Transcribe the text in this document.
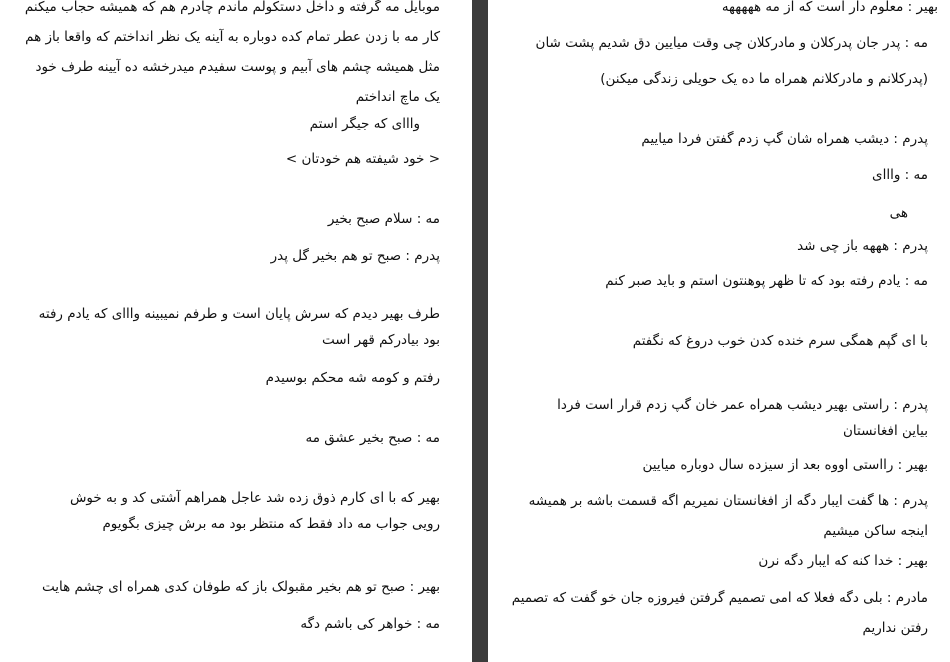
موبایل مه گرفته و داخل دستکولم ماندم چادرم هم که همیشه حجاب میکنم کار مه با زدن عطر تمام کده دوباره به آینه یک نظر انداختم که واقعا باز هم مثل همیشه چشم های آبیم و پوست سفیدم میدرخشه ده آیینه طرف خود یک ماچ انداختم
وااای که جیگر استم
< خود شیفته هم خودتان >
مه : سلام صبح بخیر
پدرم : صبح تو هم بخیر گل پدر
طرف بهیر دیدم که سرش پایان است و طرفم نمیبینه وااای که یادم رفته بود بیادرکم قهر است
رفتم و کومه شه محکم بوسیدم
مه : صبح بخیر عشق مه
بهیر که با ای کارم ذوق زده شد عاجل همراهم آشتی کد و به خوش رویی جواب مه داد فقط که منتظر بود مه برش چیزی بگویوم
بهیر : صبح تو هم بخیر مقبولک باز که طوفان کدی همراه ای چشم هایت
مه : خواهر کی باشم دگه
بهیر : معلوم دار است که از مه هههههه
مه : پدر جان پدرکلان و مادرکلان چی وقت میایین دق شدیم پشت شان
(پدرکلانم و مادرکلانم همراه ما ده یک حویلی زندگی میکنن)
پدرم : دیشب همراه شان گپ زدم گفتن فردا میاییم
مه : وااای
هی
پدرم : هههه باز چی شد
مه : یادم رفته بود که تا ظهر پوهنتون استم و باید صبر کنم
با ای گپم همگی سرم خنده کدن خوب دروغ که نگفتم
پدرم : راستی بهیر دیشب همراه عمر خان گپ زدم قرار است فردا بیاین افغانستان
بهیر : رااستی اووه بعد از سیزده سال دوباره میایین
پدرم : ها گفت ایبار دگه از افغانستان نمیریم اگه قسمت باشه بر همیشه اینجه ساکن میشیم
بهیر : خدا کنه که ایبار دگه نرن
مادرم : بلی دگه فعلا که امی تصمیم گرفتن فیروزه جان خو گفت که تصمیم رفتن نداریم
